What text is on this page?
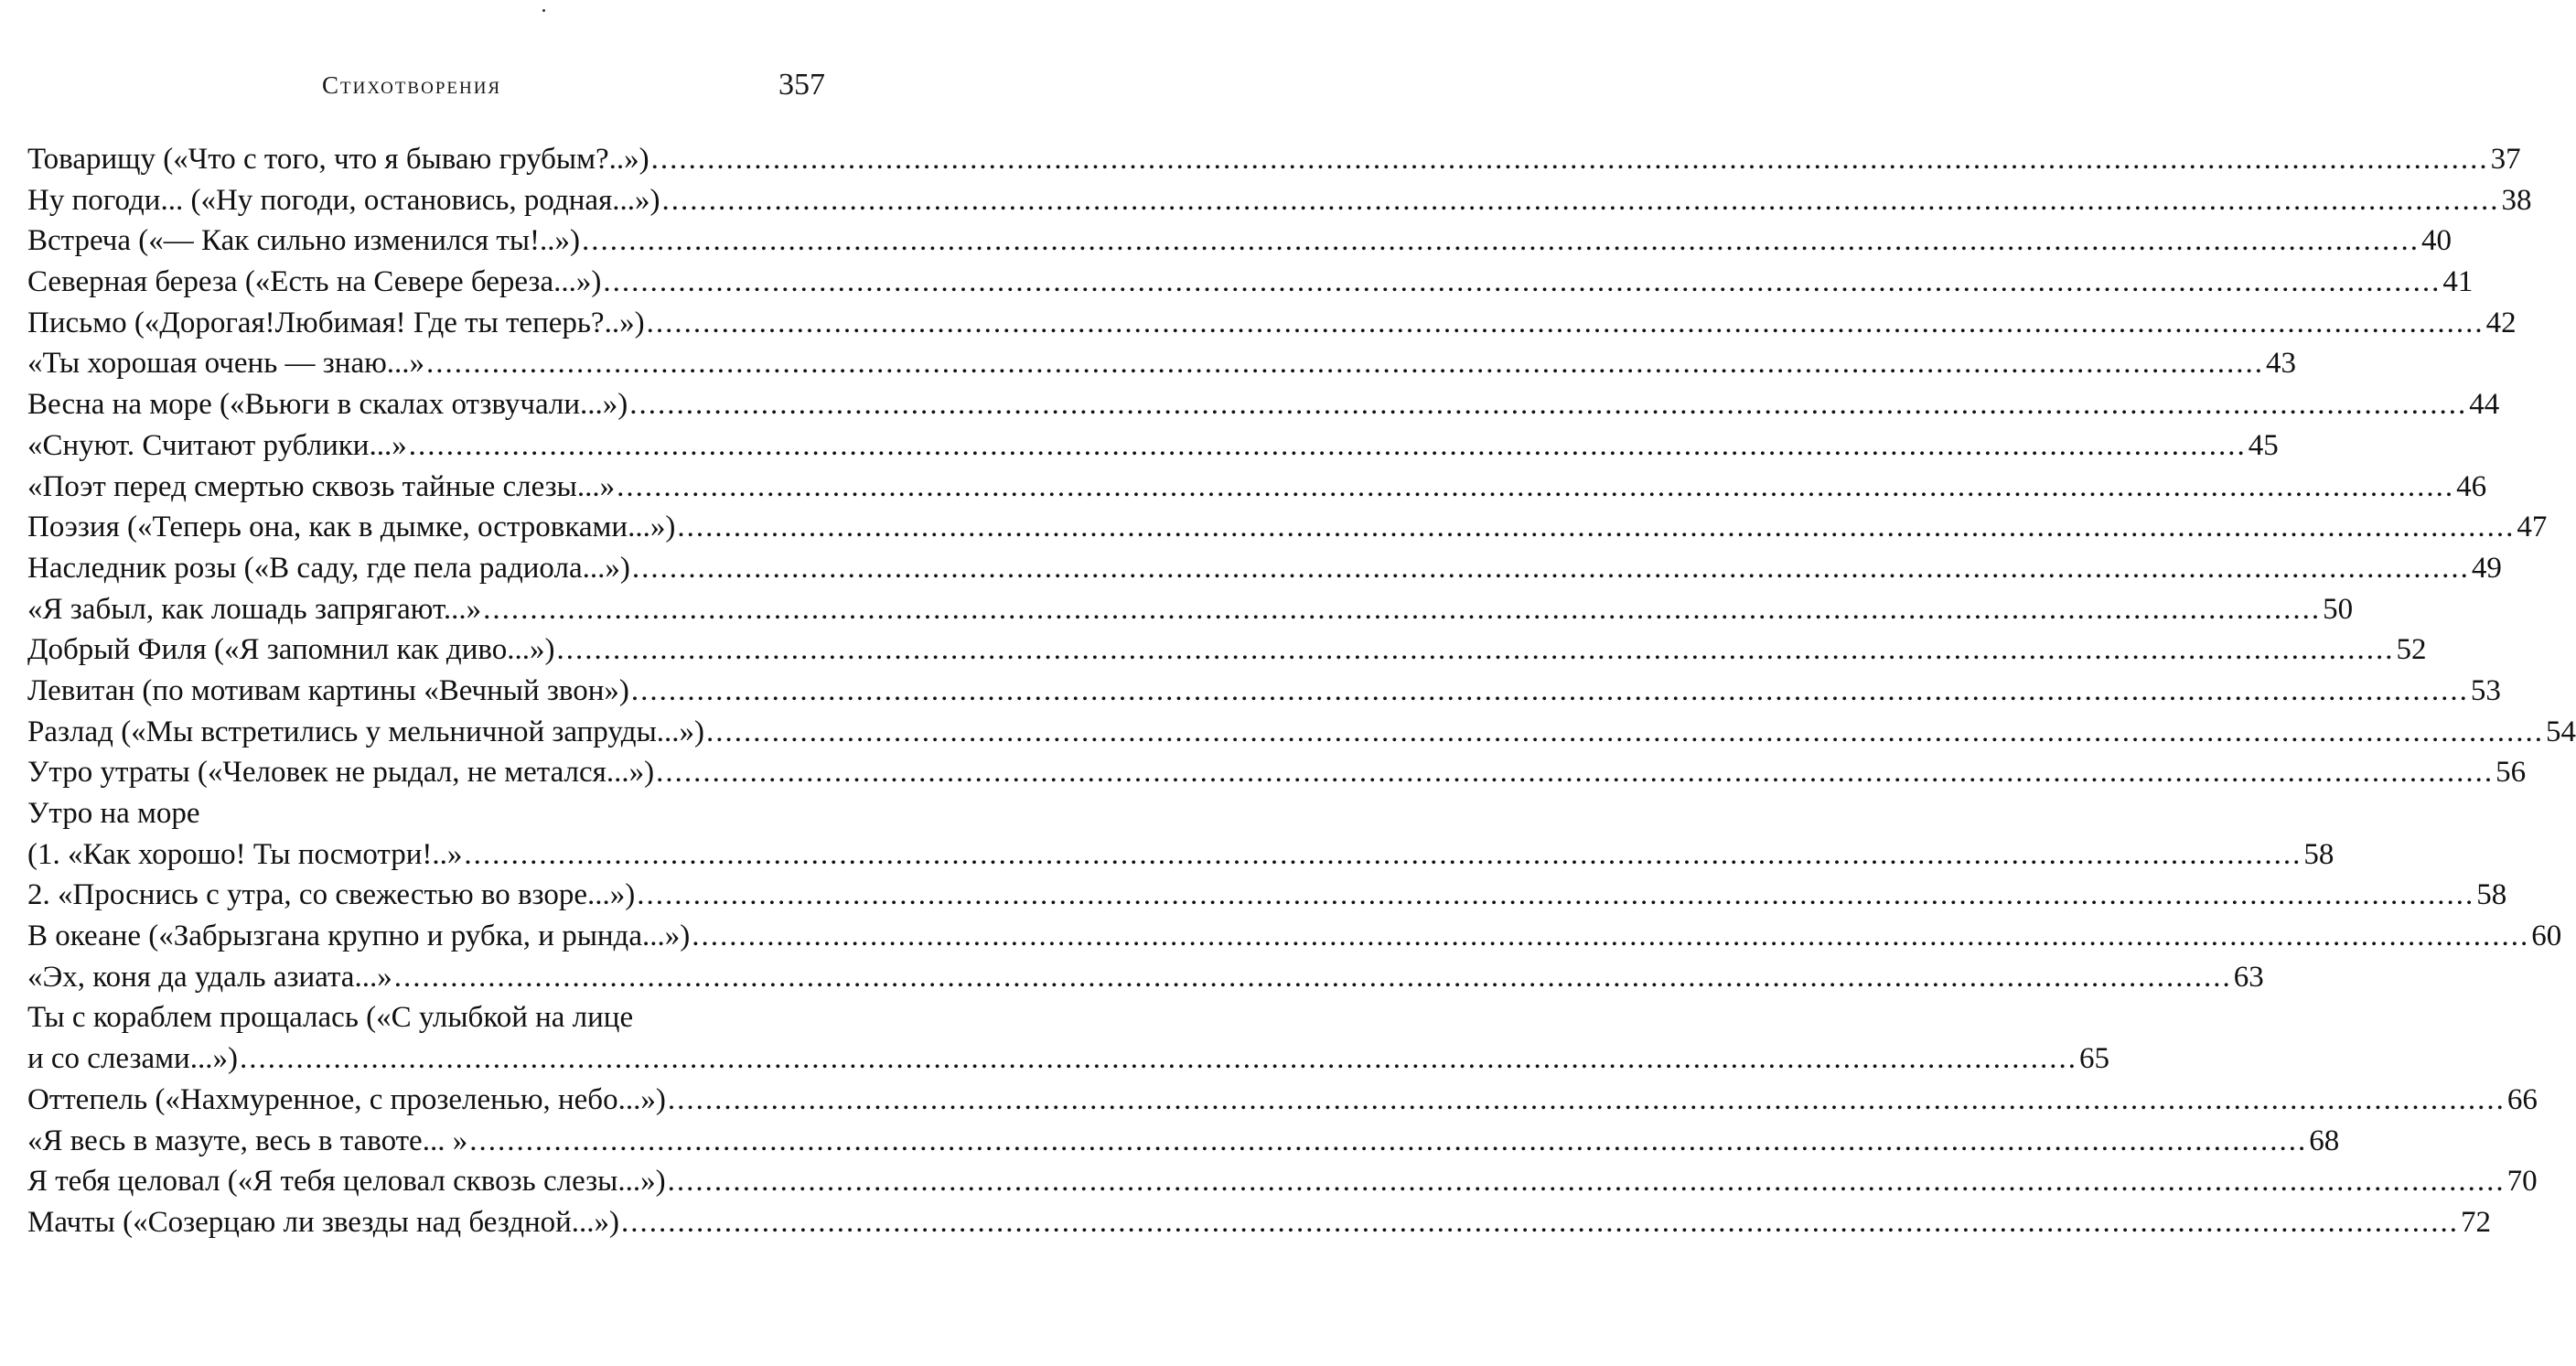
Стихотворения	357
Товарищу («Что с того, что я бываю грубым?..») .....	37
Ну погоди... («Ну погоди, остановись, родная...») .....	38
Встреча («— Как сильно изменился ты!..») .....	40
Северная береза («Есть на Севере береза...») .....	41
Письмо («Дорогая!Любимая! Где ты теперь?..») .....	42
«Ты хорошая очень — знаю...» .....	43
Весна на море («Вьюги в скалах отзвучали...») .....	44
«Снуют. Считают рублики...» .....	45
«Поэт перед смертью сквозь тайные слезы...» .....	46
Поэзия («Теперь она, как в дымке, островками...») .....	47
Наследник розы («В саду, где пела радиола...») .....	49
«Я забыл, как лошадь запрягают...» .....	50
Добрый Филя («Я запомнил как диво...») .....	52
Левитан (по мотивам картины «Вечный звон») .....	53
Разлад («Мы встретились у мельничной запруды...») .....	54
Утро утраты («Человек не рыдал, не метался...») .....	56
Утро на море
(1. «Как хорошо! Ты посмотри!..» .....	58
2. «Проснись с утра, со свежестью во взоре...») .....	58
В океане («Забрызгана крупно и рубка, и рында...») .....	60
«Эх, коня да удаль азиата...» .....	63
Ты с кораблем прощалась («С улыбкой на лице
и со слезами...») .....	65
Оттепель («Нахмуренное, с прозеленью, небо...») .....	66
«Я весь в мазуте, весь в тавоте... » .....	68
Я тебя целовал («Я тебя целовал сквозь слезы...») .....	70
Мачты («Созерцаю ли звезды над бездной...») .....	72
